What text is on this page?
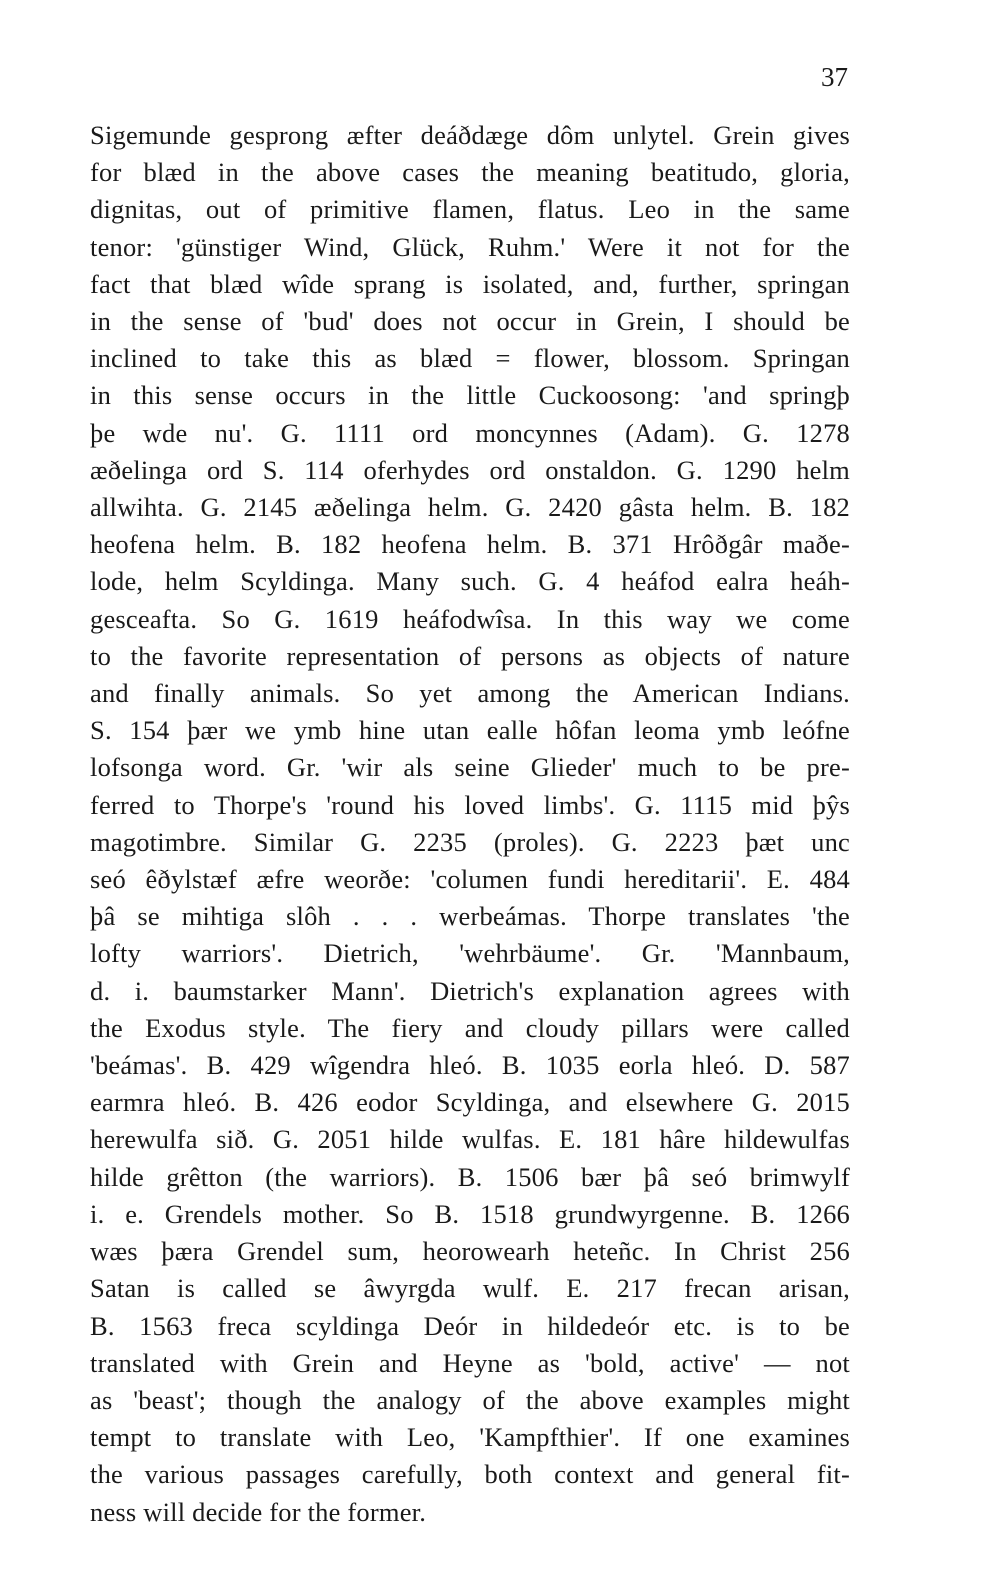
37
Sigemunde gesprong æfter deáðdæge dôm unlytel. Grein gives
for blæd in the above cases the meaning beatitudo, gloria,
dignitas, out of primitive flamen, flatus. Leo in the same
tenor: 'günstiger Wind, Glück, Ruhm.' Were it not for the
fact that blæd wîde sprang is isolated, and, further, springan
in the sense of 'bud' does not occur in Grein, I should be
inclined to take this as blæd = flower, blossom. Springan
in this sense occurs in the little Cuckoosong: 'and springþ
þe wde nu'. G. 1111 ord moncynnes (Adam). G. 1278
æðelinga ord S. 114 oferhydes ord onstaldon. G. 1290 helm
allwihta. G. 2145 æðelinga helm. G. 2420 gâsta helm. B. 182
heofena helm. B. 182 heofena helm. B. 371 Hrôðgâr maðe-
lode, helm Scyldinga. Many such. G. 4 heáfod ealra heáh-
gesceafta. So G. 1619 heáfodwîsa. In this way we come
to the favorite representation of persons as objects of nature
and finally animals. So yet among the American Indians.
S. 154 þær we ymb hine utan ealle hôfan leoma ymb leófne
lofsonga word. Gr. 'wir als seine Glieder' much to be pre-
ferred to Thorpe's 'round his loved limbs'. G. 1115 mid þŷs
magotimbre. Similar G. 2235 (proles). G. 2223 þæt unc
seó êðylstæf æfre weorðe: 'columen fundi hereditarii'. E. 484
þâ se mihtiga slôh . . . werbeámas. Thorpe translates 'the
lofty warriors'. Dietrich, 'wehrbäume'. Gr. 'Mannbaum,
d. i. baumstarker Mann'. Dietrich's explanation agrees with
the Exodus style. The fiery and cloudy pillars were called
'beámas'. B. 429 wîgendra hleó. B. 1035 eorla hleó. D. 587
earmra hleó. B. 426 eodor Scyldinga, and elsewhere G. 2015
herewulfa sið. G. 2051 hilde wulfas. E. 181 hâre hildewulfas
hilde grêtton (the warriors). B. 1506 bær þâ seó brimwylf
i. e. Grendels mother. So B. 1518 grundwyrgenne. B. 1266
wæs þæra Grendel sum, heorowearh heteñc. In Christ 256
Satan is called se âwyrgda wulf. E. 217 frecan arisan,
B. 1563 freca scyldinga Deór in hildedeór etc. is to be
translated with Grein and Heyne as 'bold, active' — not
as 'beast'; though the analogy of the above examples might
tempt to translate with Leo, 'Kampfthier'. If one examines
the various passages carefully, both context and general fit-
ness will decide for the former.
